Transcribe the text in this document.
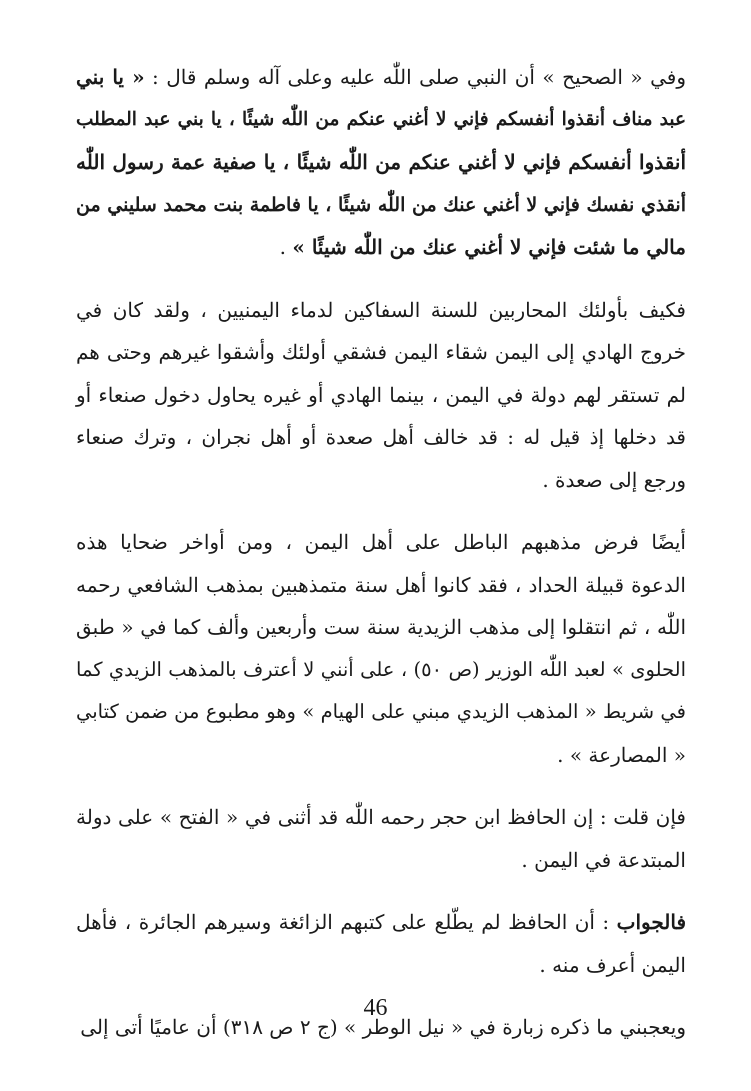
وفي « الصحيح » أن النبي صلى اللّٰه عليه وعلى آله وسلم قال : « يا بني
عبد مناف أنقذوا أنفسكم فإني لا أغني عنكم من اللّٰه شيئًا ، يا بني عبد المطلب
أنقذوا أنفسكم فإني لا أغني عنكم من اللّٰه شيئًا ، يا صفية عمة رسول اللّٰه
أنقذي نفسك فإني لا أغني عنك من اللّٰه شيئًا ، يا فاطمة بنت محمد سليني من
مالي ما شئت فإني لا أغني عنك من اللّٰه شيئًا » .
فكيف بأولئك المحاربين للسنة السفاكين لدماء اليمنيين ، ولقد كان في
خروج الهادي إلى اليمن شقاء اليمن فشقي أولئك وأشقوا غيرهم وحتى هم
لم تستقر لهم دولة في اليمن ، بينما الهادي أو غيره يحاول دخول صنعاء أو
قد دخلها إذ قيل له : قد خالف أهل صعدة أو أهل نجران ، وترك صنعاء
ورجع إلى صعدة .
أيضًا فرض مذهبهم الباطل على أهل اليمن ، ومن أواخر ضحايا هذه
الدعوة قبيلة الحداد ، فقد كانوا أهل سنة متمذهبين بمذهب الشافعي رحمه
اللّٰه ، ثم انتقلوا إلى مذهب الزيدية سنة ست وأربعين وألف كما في « طبق
الحلوى » لعبد اللّٰه الوزير (ص ٥٠) ، على أنني لا أعترف بالمذهب الزيدي كما
في شريط « المذهب الزيدي مبني على الهيام » وهو مطبوع من ضمن كتابي
« المصارعة » .
فإن قلت : إن الحافظ ابن حجر رحمه اللّٰه قد أثنى في « الفتح » على دولة
المبتدعة في اليمن .
فالجواب : أن الحافظ لم يطّلع على كتبهم الزائغة وسيرهم الجائرة ، فأهل
اليمن أعرف منه .
ويعجبني ما ذكره زبارة في « نيل الوطر » (ج ٢ ص ٣١٨) أن عاميًا أتى إلى
46
